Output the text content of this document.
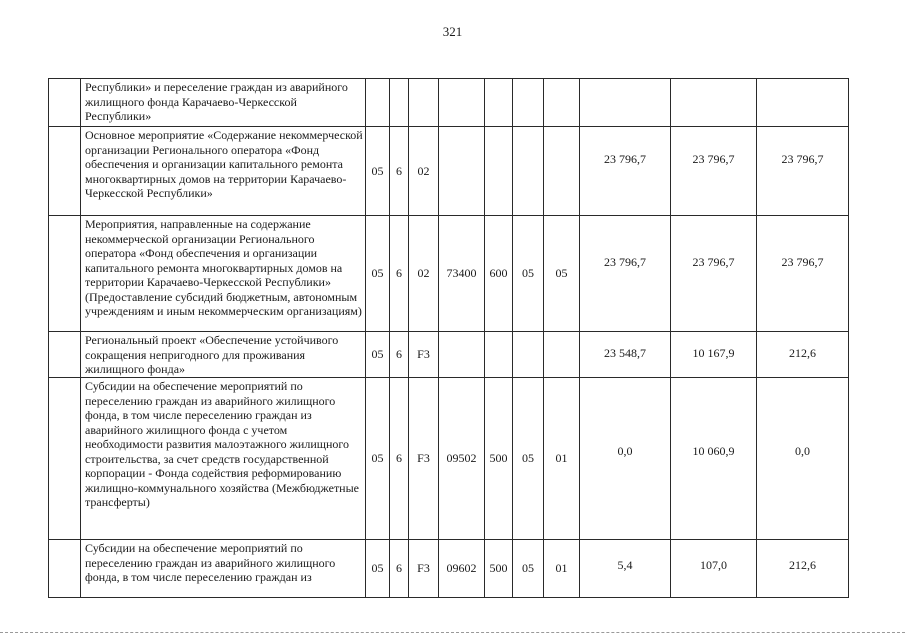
321
	Республики» и переселение граждан из аварийного жилищного фонда Карачаево-Черкесской Республики»								

	Основное мероприятие «Содержание некоммерческой организации Регионального оператора «Фонд обеспечения и организации капитального ремонта многоквартирных домов на территории Карачаево-Черкесской Республики»	05	6	02					23 796,7	23 796,7	23 796,7

	Мероприятия, направленные на содержание некоммерческой организации Регионального оператора «Фонд обеспечения и организации капитального ремонта многоквартирных домов на территории Карачаево-Черкесской Республики» (Предоставление субсидий бюджетным, автономным учреждениям и иным некоммерческим организациям)	05	6	02	73400	600	05	05	23 796,7	23 796,7	23 796,7

	Региональный проект «Обеспечение устойчивого сокращения непригодного для проживания жилищного фонда»	05	6	F3					23 548,7	10 167,9	212,6

	Субсидии на обеспечение мероприятий по переселению граждан из аварийного жилищного фонда, в том числе переселению граждан из аварийного жилищного фонда с учетом необходимости развития малоэтажного жилищного строительства, за счет средств государственной корпорации - Фонда содействия реформированию жилищно-коммунального хозяйства (Межбюджетные трансферты)	05	6	F3	09502	500	05	01	0,0	10 060,9	0,0

	Субсидии на обеспечение мероприятий по переселению граждан из аварийного жилищного фонда, в том числе переселению граждан из	05	6	F3	09602	500	05	01	5,4	107,0	212,6
